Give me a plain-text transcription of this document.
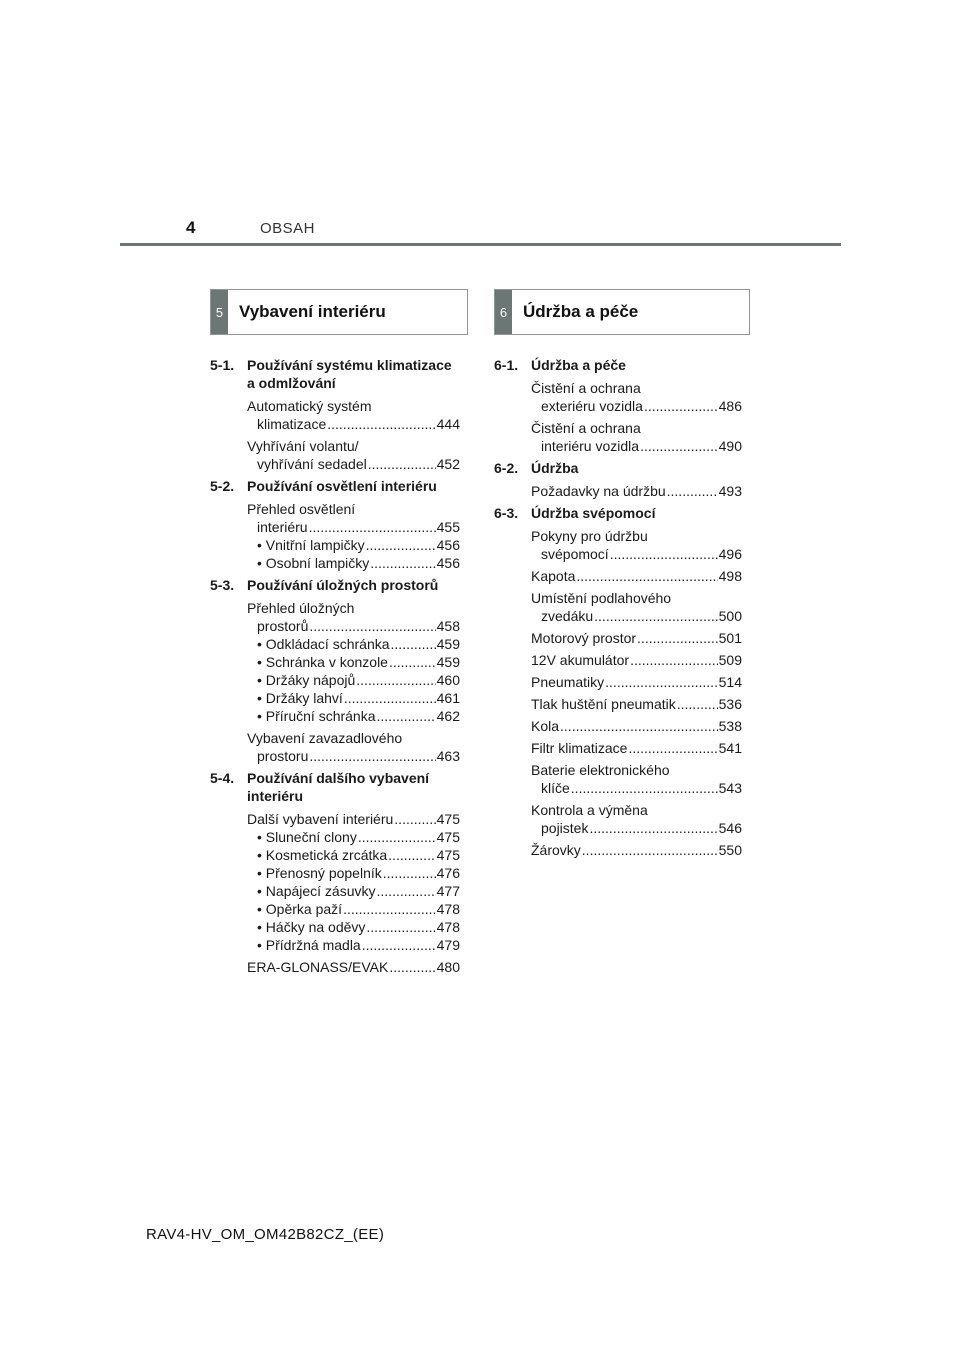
4	OBSAH
5 Vybavení interiéru	6 Údržba a péče
5-1. Používání systému klimatizace a odmlžování
Automatický systém
klimatizace .....	444
Vyhřívání volantu/
vyhřívání sedadel .....	452
5-2. Používání osvětlení interiéru
Přehled osvětlení
interiéru .....	455
• Vnitřní lampičky .....	456
• Osobní lampičky .....	456
5-3. Používání úložných prostorů
Přehled úložných
prostorů .....	458
• Odkládací schránka .....	459
• Schránka v konzole .....	459
• Držáky nápojů .....	460
• Držáky lahví .....	461
• Příruční schránka .....	462
Vybavení zavazadlového
prostoru .....	463
5-4. Používání dalšího vybavení interiéru
Další vybavení interiéru .....	475
• Sluneční clony .....	475
• Kosmetická zrcátka .....	475
• Přenosný popelník .....	476
• Napájecí zásuvky .....	477
• Opěrka paží .....	478
• Háčky na oděvy .....	478
• Přídržná madla .....	479
ERA-GLONASS/EVAK .....	480
6-1. Údržba a péče
Čistění a ochrana
exteriéru vozidla .....	486
Čistění a ochrana
interiéru vozidla .....	490
6-2. Údržba
Požadavky na údržbu .....	493
6-3. Údržba svépomocí
Pokyny pro údržbu
svépomocí .....	496
Kapota .....	498
Umístění podlahového
zvedáku .....	500
Motorový prostor .....	501
12V akumulátor .....	509
Pneumatiky .....	514
Tlak huštění pneumatik .....	536
Kola .....	538
Filtr klimatizace .....	541
Baterie elektronického
klíče .....	543
Kontrola a výměna
pojistek .....	546
Žárovky .....	550
RAV4-HV_OM_OM42B82CZ_(EE)
